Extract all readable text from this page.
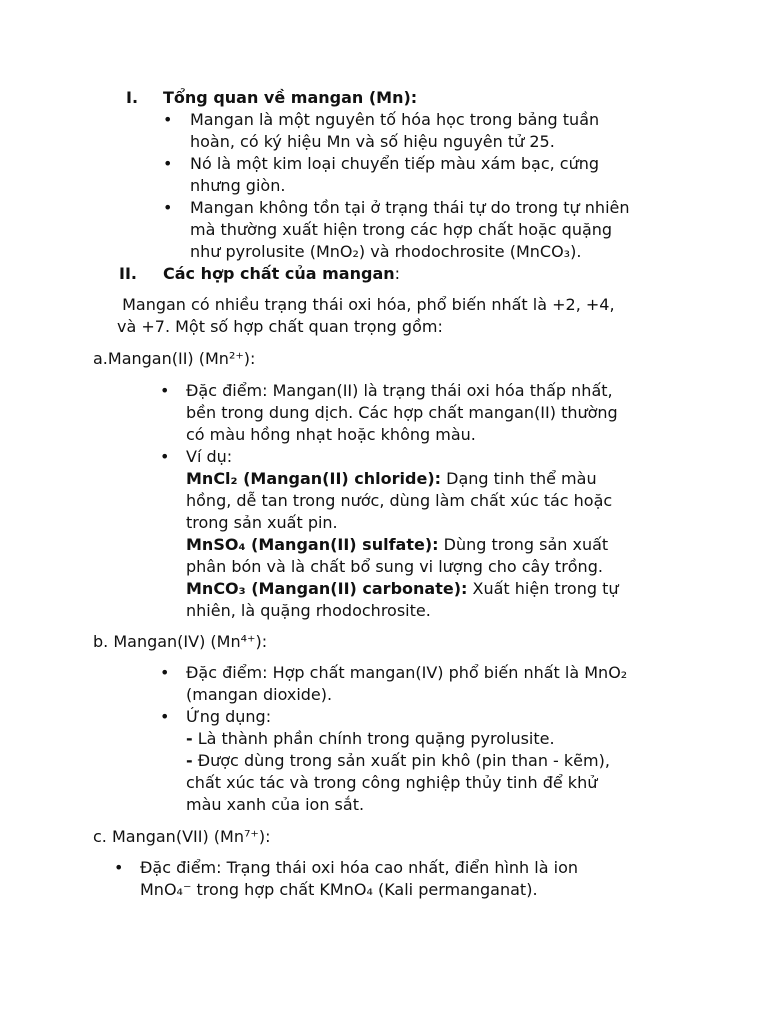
I. Tổng quan về mangan (Mn):
• Mangan là một nguyên tố hóa học trong bảng tuần
hoàn, có ký hiệu Mn và số hiệu nguyên tử 25.
• Nó là một kim loại chuyển tiếp màu xám bạc, cứng
nhưng giòn.
• Mangan không tồn tại ở trạng thái tự do trong tự nhiên
mà thường xuất hiện trong các hợp chất hoặc quặng
như pyrolusite (MnO₂) và rhodochrosite (MnCO₃).
II. Các hợp chất của mangan:
Mangan có nhiều trạng thái oxi hóa, phổ biến nhất là +2, +4,
và +7. Một số hợp chất quan trọng gồm:
a.Mangan(II) (Mn²⁺):
• Đặc điểm: Mangan(II) là trạng thái oxi hóa thấp nhất,
bền trong dung dịch. Các hợp chất mangan(II) thường
có màu hồng nhạt hoặc không màu.
• Ví dụ:
MnCl₂ (Mangan(II) chloride): Dạng tinh thể màu
hồng, dễ tan trong nước, dùng làm chất xúc tác hoặc
trong sản xuất pin.
MnSO₄ (Mangan(II) sulfate): Dùng trong sản xuất
phân bón và là chất bổ sung vi lượng cho cây trồng.
MnCO₃ (Mangan(II) carbonate): Xuất hiện trong tự
nhiên, là quặng rhodochrosite.
b. Mangan(IV) (Mn⁴⁺):
• Đặc điểm: Hợp chất mangan(IV) phổ biến nhất là MnO₂
(mangan dioxide).
• Ứng dụng:
- Là thành phần chính trong quặng pyrolusite.
- Được dùng trong sản xuất pin khô (pin than - kẽm),
chất xúc tác và trong công nghiệp thủy tinh để khử
màu xanh của ion sắt.
c. Mangan(VII) (Mn⁷⁺):
• Đặc điểm: Trạng thái oxi hóa cao nhất, điển hình là ion
MnO₄⁻ trong hợp chất KMnO₄ (Kali permanganat).
